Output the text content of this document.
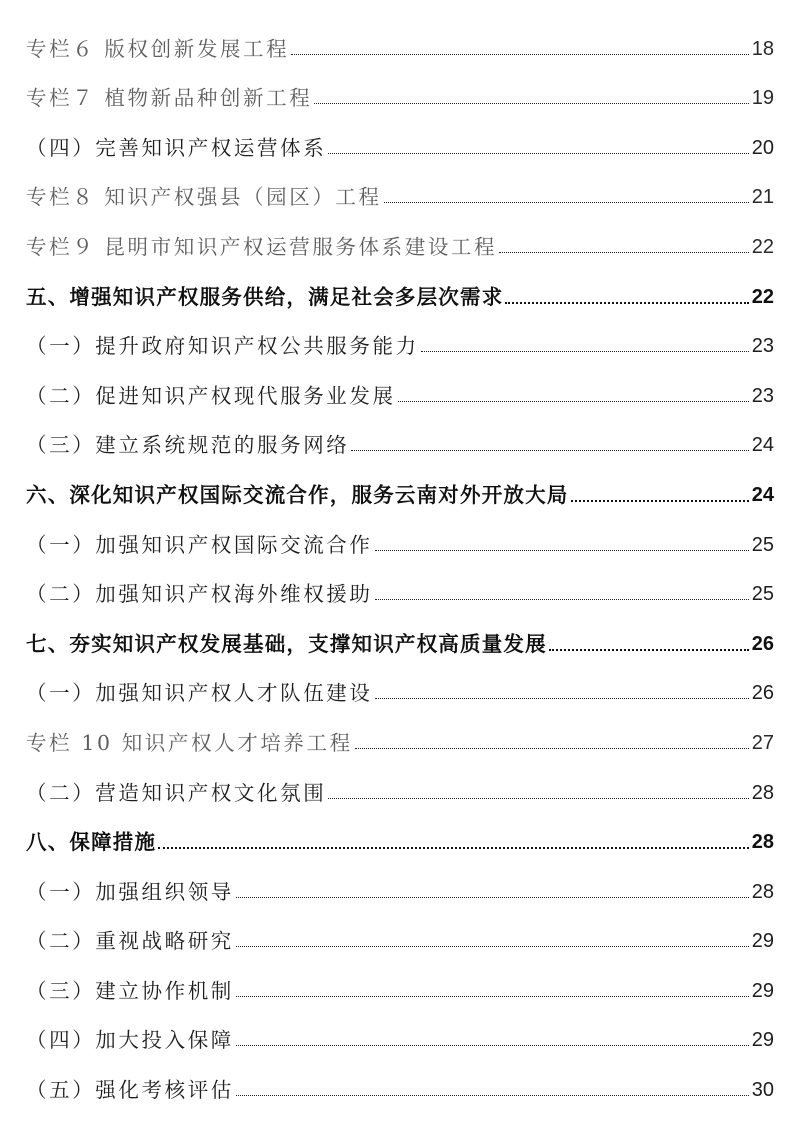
专栏６ 版权创新发展工程	18
专栏７ 植物新品种创新工程	19
（四）完善知识产权运营体系	20
专栏８ 知识产权强县（园区）工程	21
专栏９ 昆明市知识产权运营服务体系建设工程	22
五、增强知识产权服务供给，满足社会多层次需求	22
（一）提升政府知识产权公共服务能力	23
（二）促进知识产权现代服务业发展	23
（三）建立系统规范的服务网络	24
六、深化知识产权国际交流合作，服务云南对外开放大局	24
（一）加强知识产权国际交流合作	25
（二）加强知识产权海外维权援助	25
七、夯实知识产权发展基础，支撑知识产权高质量发展	26
（一）加强知识产权人才队伍建设	26
专栏 10 知识产权人才培养工程	27
（二）营造知识产权文化氛围	28
八、保障措施	28
（一）加强组织领导	28
（二）重视战略研究	29
（三）建立协作机制	29
（四）加大投入保障	29
（五）强化考核评估	30
